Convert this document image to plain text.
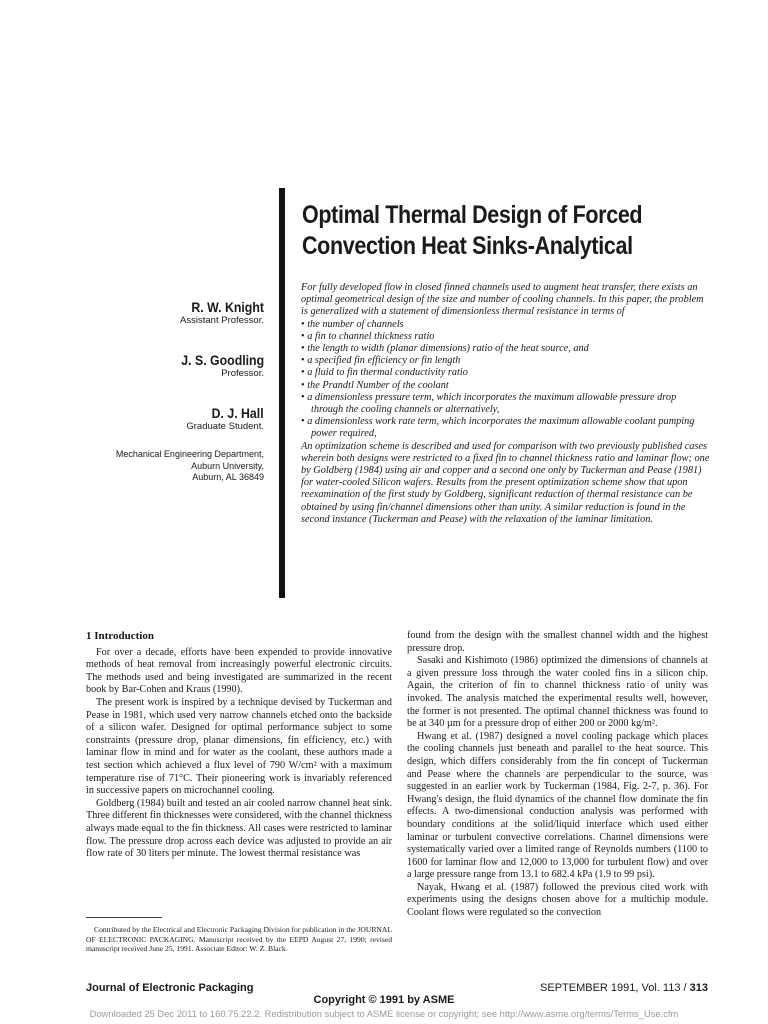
Optimal Thermal Design of Forced
Convection Heat Sinks-Analytical
R. W. Knight
Assistant Professor.
J. S. Goodling
Professor.
D. J. Hall
Graduate Student.
Mechanical Engineering Department,
Auburn University,
Auburn, AL 36849

For fully developed flow in closed finned channels used to augment heat transfer, there exists an optimal geometrical design of the size and number of cooling channels. In this paper, the problem is generalized with a statement of dimensionless thermal resistance in terms of

• the number of channels
• a fin to channel thickness ratio
• the length to width (planar dimensions) ratio of the heat source, and
• a specified fin efficiency or fin length
• a fluid to fin thermal conductivity ratio
• the Prandtl Number of the coolant
• a dimensionless pressure term, which incorporates the maximum allowable pressure drop through the cooling channels or alternatively,
• a dimensionless work rate term, which incorporates the maximum allowable coolant pumping power required,

An optimization scheme is described and used for comparison with two previously published cases wherein both designs were restricted to a fixed fin to channel thickness ratio and laminar flow; one by Goldberg (1984) using air and copper and a second one only by Tuckerman and Pease (1981) for water-cooled Silicon wafers. Results from the present optimization scheme show that upon reexamination of the first study by Goldberg, significant reduction of thermal resistance can be obtained by using fin/channel dimensions other than unity. A similar reduction is found in the second instance (Tuckerman and Pease) with the relaxation of the laminar limitation.

1 Introduction

For over a decade, efforts have been expended to provide innovative methods of heat removal from increasingly powerful electronic circuits. The methods used and being investigated are summarized in the recent book by Bar-Cohen and Kraus (1990).

The present work is inspired by a technique devised by Tuckerman and Pease in 1981, which used very narrow channels etched onto the backside of a silicon wafer. Designed for optimal performance subject to some constraints (pressure drop, planar dimensions, fin efficiency, etc.) with laminar flow in mind and for water as the coolant, these authors made a test section which achieved a flux level of 790 W/cm² with a maximum temperature rise of 71°C. Their pioneering work is invariably referenced in successive papers on microchannel cooling.

Goldberg (1984) built and tested an air cooled narrow channel heat sink. Three different fin thicknesses were considered, with the channel thickness always made equal to the fin thickness. All cases were restricted to laminar flow. The pressure drop across each device was adjusted to provide an air flow rate of 30 liters per minute. The lowest thermal resistance was

found from the design with the smallest channel width and the highest pressure drop.

Sasaki and Kishimoto (1986) optimized the dimensions of channels at a given pressure loss through the water cooled fins in a silicon chip. Again, the criterion of fin to channel thickness ratio of unity was invoked. The analysis matched the experimental results well, however, the former is not presented. The optimal channel thickness was found to be at 340 µm for a pressure drop of either 200 or 2000 kg/m².

Hwang et al. (1987) designed a novel cooling package which places the cooling channels just beneath and parallel to the heat source. This design, which differs considerably from the fin concept of Tuckerman and Pease where the channels are perpendicular to the source, was suggested in an earlier work by Tuckerman (1984, Fig. 2-7, p. 36). For Hwang's design, the fluid dynamics of the channel flow dominate the fin effects. A two-dimensional conduction analysis was performed with boundary conditions at the solid/liquid interface which used either laminar or turbulent convective correlations. Channel dimensions were systematically varied over a limited range of Reynolds numbers (1100 to 1600 for laminar flow and 12,000 to 13,000 for turbulent flow) and over a large pressure range from 13.1 to 682.4 kPa (1.9 to 99 psi).

Nayak, Hwang et al. (1987) followed the previous cited work with experiments using the designs chosen above for a multichip module. Coolant flows were regulated so the convection

Contributed by the Electrical and Electronic Packaging Division for publication in the JOURNAL OF ELECTRONIC PACKAGING. Manuscript received by the EEPD August 27, 1990; revised manuscript received June 25, 1991. Associate Editor: W. Z. Black.
Journal of Electronic Packaging	SEPTEMBER 1991, Vol. 113 / 313
Copyright © 1991 by ASME
Downloaded 25 Dec 2011 to 160.75.22.2. Redistribution subject to ASME license or copyright; see http://www.asme.org/terms/Terms_Use.cfm
